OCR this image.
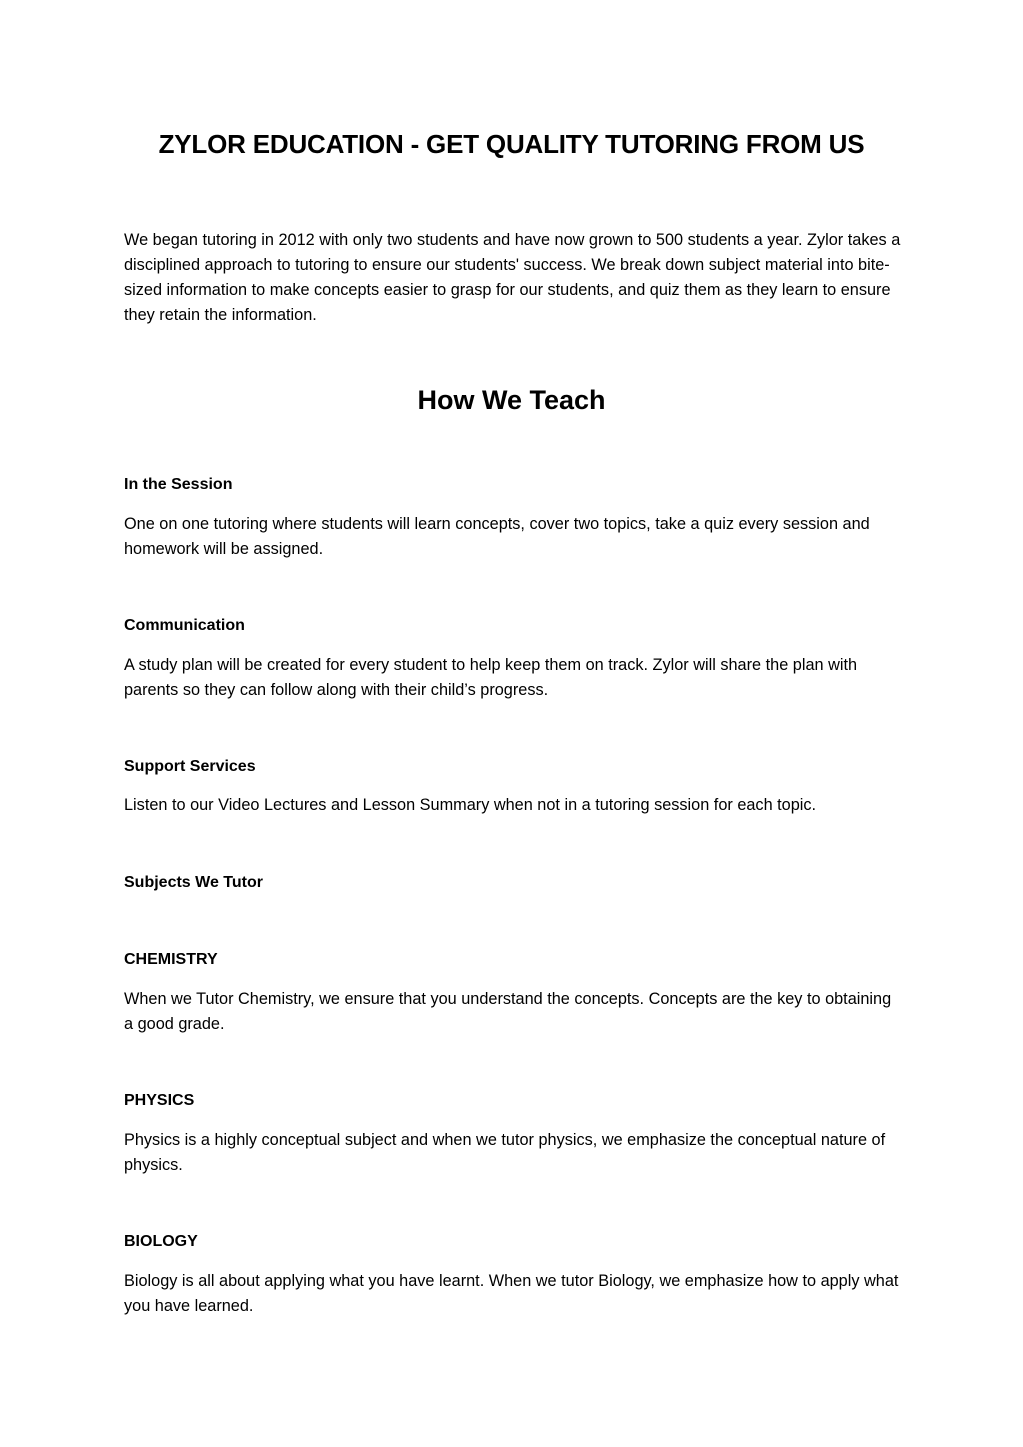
ZYLOR EDUCATION - GET QUALITY TUTORING FROM US
We began tutoring in 2012 with only two students and have now grown to 500 students a year. Zylor takes a disciplined approach to tutoring to ensure our students' success. We break down subject material into bite-sized information to make concepts easier to grasp for our students, and quiz them as they learn to ensure they retain the information.
How We Teach
In the Session
One on one tutoring where students will learn concepts, cover two topics, take a quiz every session and homework will be assigned.
Communication
A study plan will be created for every student to help keep them on track. Zylor will share the plan with parents so they can follow along with their child’s progress.
Support Services
Listen to our Video Lectures and Lesson Summary when not in a tutoring session for each topic.
Subjects We Tutor
CHEMISTRY
When we Tutor Chemistry, we ensure that you understand the concepts. Concepts are the key to obtaining a good grade.
PHYSICS
Physics is a highly conceptual subject and when we tutor physics, we emphasize the conceptual nature of physics.
BIOLOGY
Biology is all about applying what you have learnt. When we tutor Biology, we emphasize how to apply what you have learned.
